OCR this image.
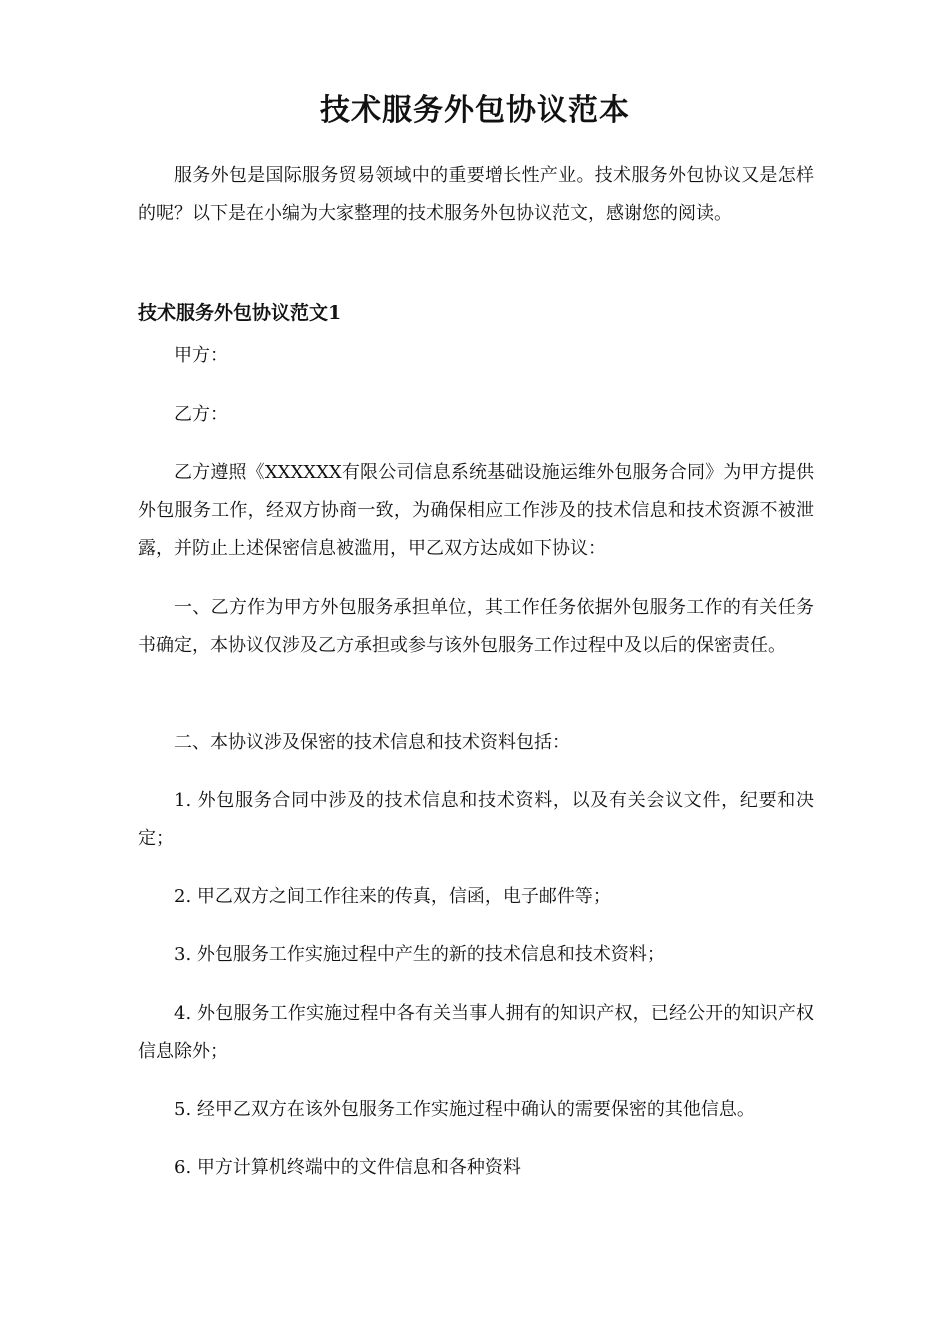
技术服务外包协议范本

服务外包是国际服务贸易领域中的重要增长性产业。技术服务外包协议又是怎样的呢？以下是在小编为大家整理的技术服务外包协议范文，感谢您的阅读。

技术服务外包协议范文1

甲方：

乙方：

乙方遵照《XXXXXX有限公司信息系统基础设施运维外包服务合同》为甲方提供外包服务工作，经双方协商一致，为确保相应工作涉及的技术信息和技术资源不被泄露，并防止上述保密信息被滥用，甲乙双方达成如下协议：

一、乙方作为甲方外包服务承担单位，其工作任务依据外包服务工作的有关任务书确定，本协议仅涉及乙方承担或参与该外包服务工作过程中及以后的保密责任。

二、本协议涉及保密的技术信息和技术资料包括：

1. 外包服务合同中涉及的技术信息和技术资料，以及有关会议文件，纪要和决定；

2. 甲乙双方之间工作往来的传真，信函，电子邮件等；

3. 外包服务工作实施过程中产生的新的技术信息和技术资料；

4. 外包服务工作实施过程中各有关当事人拥有的知识产权，已经公开的知识产权信息除外；

5. 经甲乙双方在该外包服务工作实施过程中确认的需要保密的其他信息。

6. 甲方计算机终端中的文件信息和各种资料
